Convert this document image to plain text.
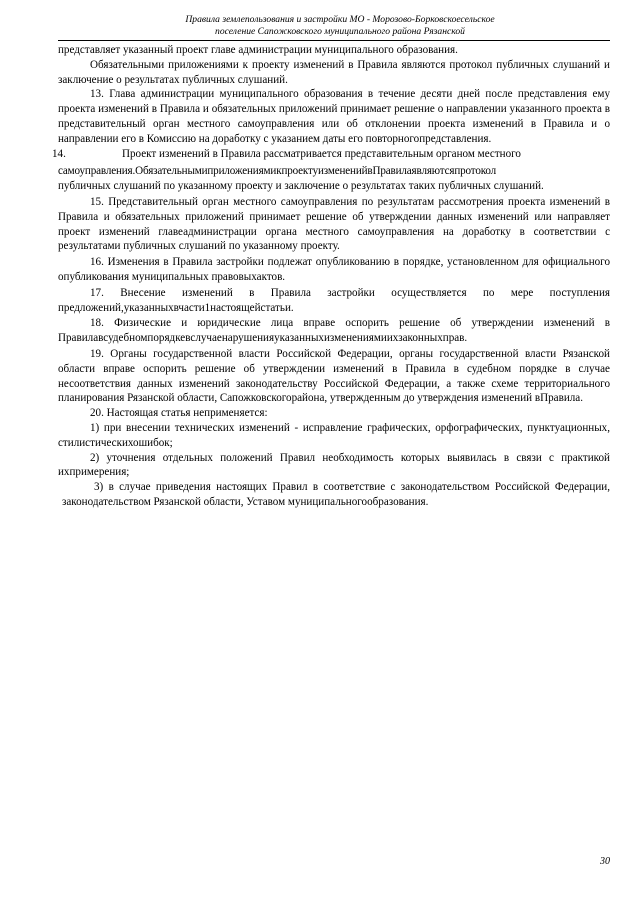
Правила землепользования и застройки МО - Морозово-Борковскоесельское
поселение Сапожковского муниципального района Рязанской

представляет указанный проект главе администрации муниципального образования.

Обязательными приложениями к проекту изменений в Правила являются протокол публичных слушаний и заключение о результатах публичных слушаний.

13. Глава администрации муниципального образования в течение десяти дней после представления ему проекта изменений в Правила и обязательных приложений принимает решение о направлении указанного проекта в представительный орган местного самоуправления или об отклонении проекта изменений в Правила и о направлении его в Комиссию на доработку с указанием даты его повторногопредставления.

14.	Проект изменений в Правила рассматривается представительным органом местного

самоуправления.ОбязательнымиприложениямикпроектуизмененийвПравилаявляютсяпротокол

публичных слушаний по указанному проекту и заключение о результатах таких публичных слушаний.

15. Представительный орган местного самоуправления по результатам рассмотрения проекта изменений в Правила и обязательных приложений принимает решение об утверждении данных изменений или направляет проект изменений главеадминистрации органа местного самоуправления на доработку в соответствии с результатами публичных слушаний по указанному проекту.

16. Изменения в Правила застройки подлежат опубликованию в порядке, установленном для официального опубликования муниципальных правовыхактов.

17. Внесение изменений в Правила застройки осуществляется по мере поступления предложений,указанныхвчасти1настоящейстатьи.

18. Физические и юридические лица вправе оспорить решение об утверждении изменений в Правилавсудебномпорядкевслучаенарушенияуказанныхизменениямиихзаконныхправ.

19. Органы государственной власти Российской Федерации, органы государственной власти Рязанской области вправе оспорить решение об утверждении изменений в Правила в судебном порядке в случае несоответствия данных изменений законодательству Российской Федерации, а также схеме территориального планирования Рязанской области, Сапожковскогорайона, утвержденным до утверждения изменений вПравила.

20. Настоящая статья неприменяется:

1) при внесении технических изменений - исправление графических, орфографических, пунктуационных, стилистическихошибок;

2) уточнения отдельных положений Правил необходимость которых выявилась в связи с практикой ихпримерения;

3) в случае приведения настоящих Правил в соответствие с законодательством Российской Федерации, законодательством Рязанской области, Уставом муниципальногообразования.

30
